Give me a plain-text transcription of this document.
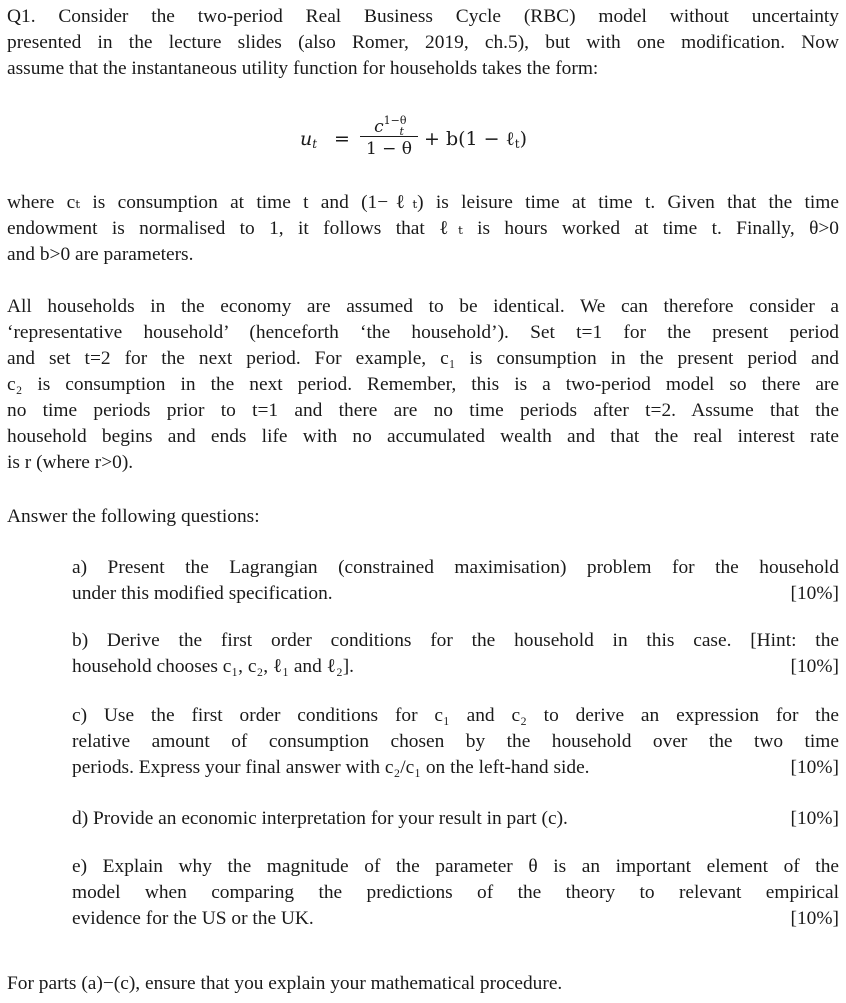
Q1. Consider the two-period Real Business Cycle (RBC) model without uncertainty
presented in the lecture slides (also Romer, 2019, ch.5), but with one modification. Now
assume that the instantaneous utility function for households takes the form:
$u_t$ =
$c^{1-\theta}_t$
1 − θ + b(1 − ℓ$_t$)
where cₜ is consumption at time t and (1−ℓₜ) is leisure time at time t. Given that the time
endowment is normalised to 1, it follows that ℓₜ is hours worked at time t. Finally, θ>0
and b>0 are parameters.
All households in the economy are assumed to be identical. We can therefore consider a
‘representative household’ (henceforth ‘the household’). Set t=1 for the present period
and set t=2 for the next period. For example, c₁ is consumption in the present period and
c₂ is consumption in the next period. Remember, this is a two-period model so there are
no time periods prior to t=1 and there are no time periods after t=2. Assume that the
household begins and ends life with no accumulated wealth and that the real interest rate
is r (where r>0).
Answer the following questions:
a) Present the Lagrangian (constrained maximisation) problem for the household
under this modified specification.	[10%]
b) Derive the first order conditions for the household in this case. [Hint: the
household chooses c₁, c₂, ℓ₁ and ℓ₂].	[10%]
c) Use the first order conditions for c₁ and c₂ to derive an expression for the
relative amount of consumption chosen by the household over the two time
periods. Express your final answer with c₂/c₁ on the left-hand side.	[10%]
d) Provide an economic interpretation for your result in part (c).	[10%]
e) Explain why the magnitude of the parameter θ is an important element of the
model when comparing the predictions of the theory to relevant empirical
evidence for the US or the UK.	[10%]
For parts (a)−(c), ensure that you explain your mathematical procedure.
